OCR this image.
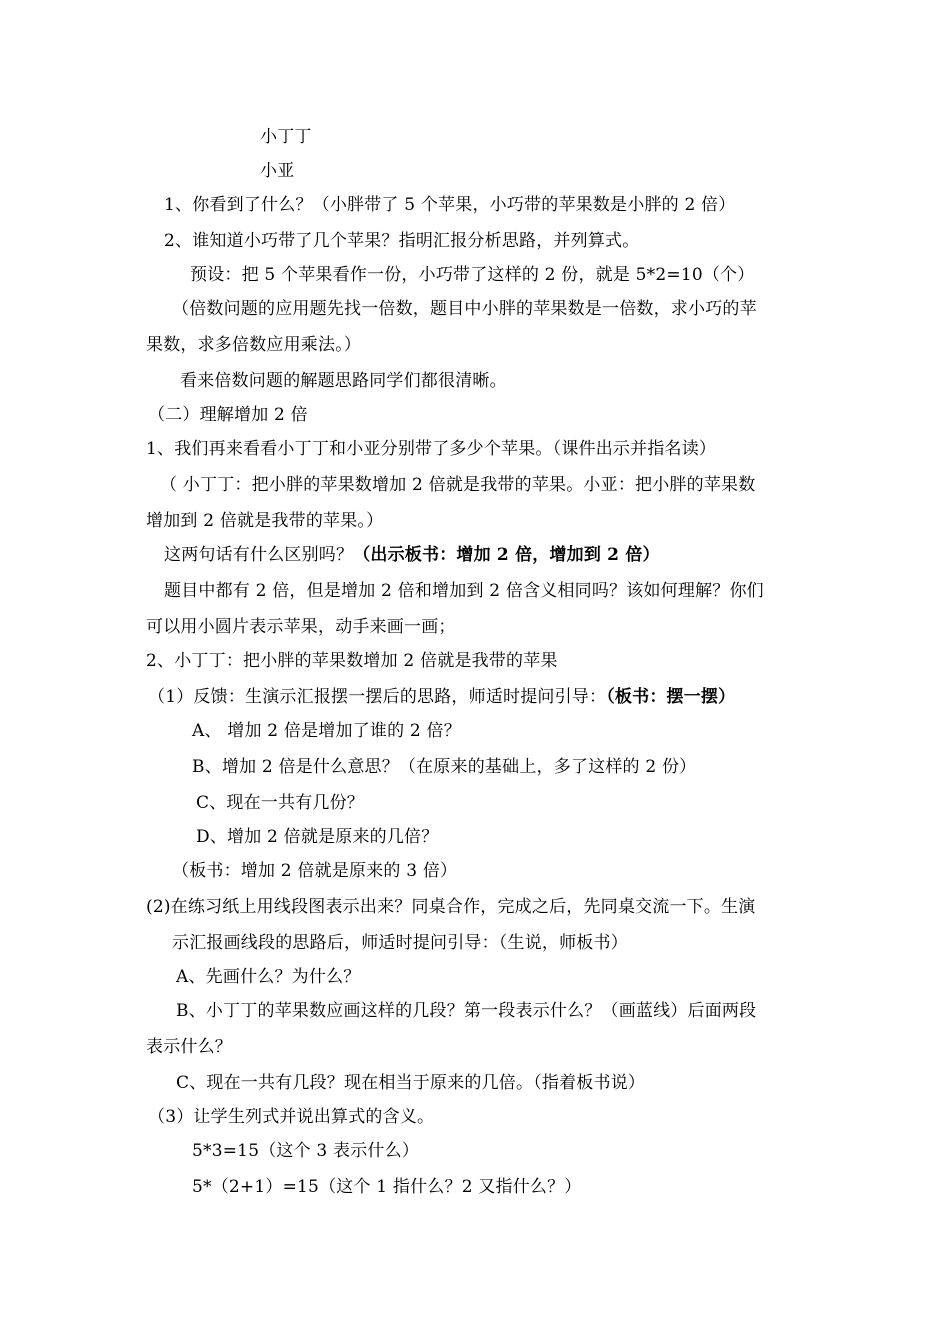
小丁丁
小亚
1、你看到了什么？（小胖带了 5 个苹果，小巧带的苹果数是小胖的 2 倍）
2、谁知道小巧带了几个苹果？指明汇报分析思路，并列算式。
预设：把 5 个苹果看作一份，小巧带了这样的 2 份，就是 5*2=10（个）
（倍数问题的应用题先找一倍数，题目中小胖的苹果数是一倍数，求小巧的苹
果数，求多倍数应用乘法。）
看来倍数问题的解题思路同学们都很清晰。
（二）理解增加 2 倍
1、我们再来看看小丁丁和小亚分别带了多少个苹果。（课件出示并指名读）
（ 小丁丁：把小胖的苹果数增加 2 倍就是我带的苹果。小亚：把小胖的苹果数
增加到 2 倍就是我带的苹果。）
这两句话有什么区别吗？（出示板书：增加 2 倍，增加到 2 倍）
题目中都有 2 倍，但是增加 2 倍和增加到 2 倍含义相同吗？该如何理解？你们
可以用小圆片表示苹果，动手来画一画；
2、小丁丁：把小胖的苹果数增加 2 倍就是我带的苹果
（1）反馈：生演示汇报摆一摆后的思路，师适时提问引导：（板书：摆一摆）
A、 增加 2 倍是增加了谁的 2 倍？
B、增加 2 倍是什么意思？（在原来的基础上，多了这样的 2 份）
C、现在一共有几份？
D、增加 2 倍就是原来的几倍？
（板书：增加 2 倍就是原来的 3 倍）
(2)在练习纸上用线段图表示出来？同桌合作，完成之后，先同桌交流一下。生演
示汇报画线段的思路后，师适时提问引导：（生说，师板书）
A、先画什么？为什么？
B、小丁丁的苹果数应画这样的几段？第一段表示什么？（画蓝线）后面两段
表示什么？
C、现在一共有几段？现在相当于原来的几倍。（指着板书说）
（3）让学生列式并说出算式的含义。
5*3=15（这个 3 表示什么）
5*（2+1）=15（这个 1 指什么？2 又指什么？）
